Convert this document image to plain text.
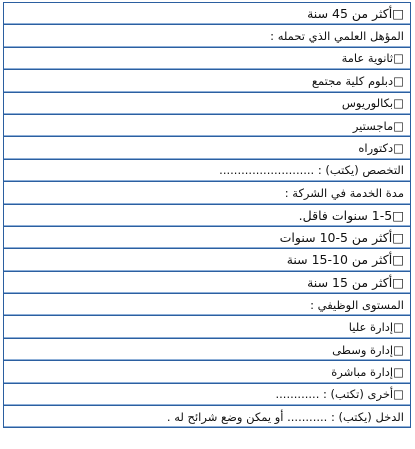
□أكثر من 45 سنة
المؤهل العلمي الذي تحمله :
□ثانوية عامة
□دبلوم كلية مجتمع
□بكالوريوس
□ماجستير
□دكتوراه
التخصص (يكتب) : ..........................
مدة الخدمة في الشركة :
□1-5 سنوات فاقل.
□أكثر من 5-10 سنوات
□أكثر من 10-15 سنة
□أكثر من 15 سنة
المستوى الوظيفي :
□إدارة عليا
□إدارة وسطى
□إدارة مباشرة
□أخرى (تكتب) : ............
الدخل (يكتب) : ........... أو يمكن وضع شرائح له .
